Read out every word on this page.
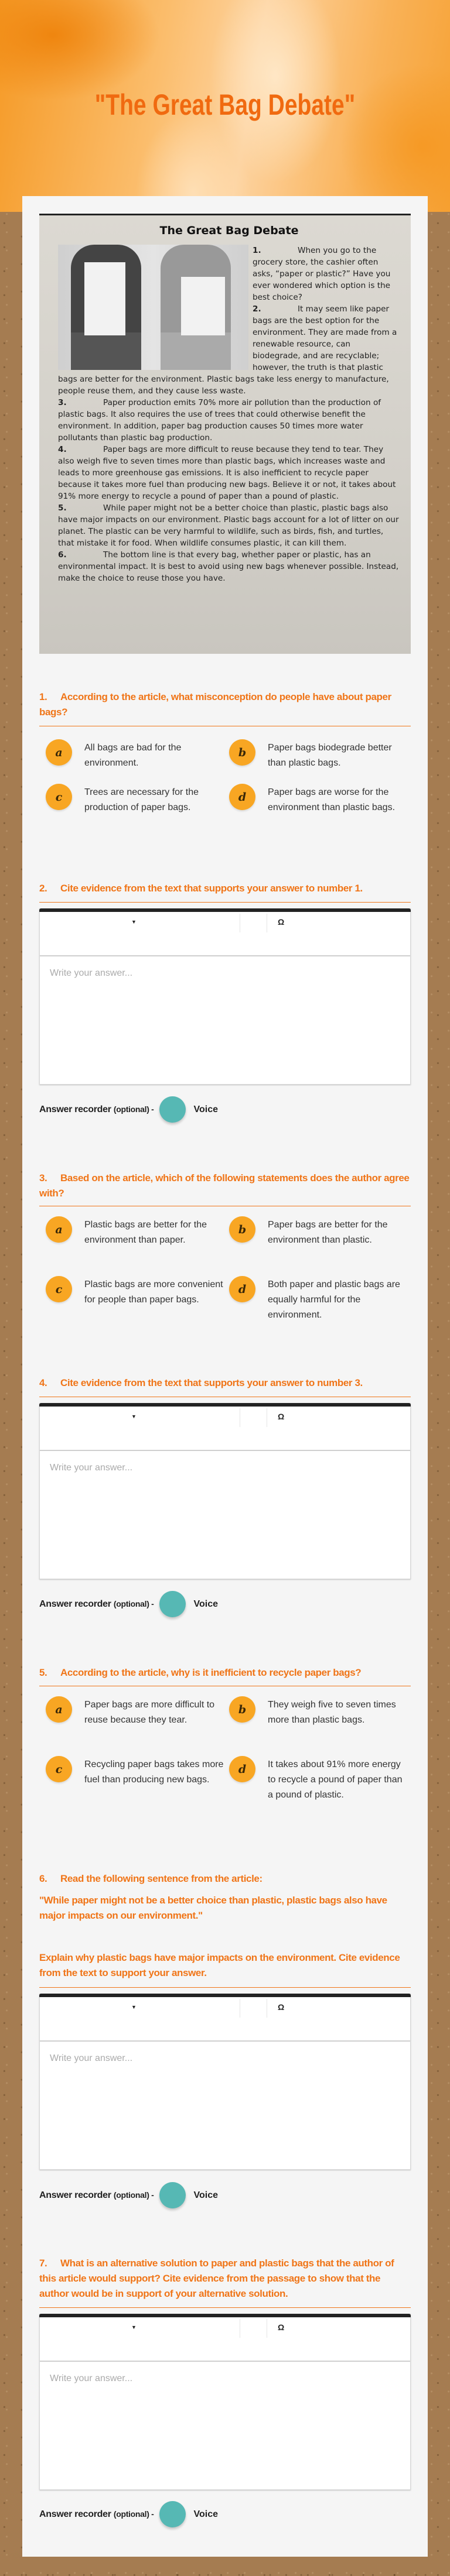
"The Great Bag Debate"
The Great Bag Debate

1.	When you go to the grocery store, the cashier often asks, “paper or plastic?” Have you ever wondered which option is the best choice?

2.	It may seem like paper bags are the best option for the environment. They are made from a renewable resource, can biodegrade, and are recyclable; however, the truth is that plastic bags are better for the environment. Plastic bags take less energy to manufacture, people reuse them, and they cause less waste.

3.	Paper production emits 70% more air pollution than the production of plastic bags. It also requires the use of trees that could otherwise benefit the environment. In addition, paper bag production causes 50 times more water pollutants than plastic bag production.

4.	Paper bags are more difficult to reuse because they tend to tear. They also weigh five to seven times more than plastic bags, which increases waste and leads to more greenhouse gas emissions. It is also inefficient to recycle paper because it takes more fuel than producing new bags. Believe it or not, it takes about 91% more energy to recycle a pound of paper than a pound of plastic.

5.	While paper might not be a better choice than plastic, plastic bags also have major impacts on our environment. Plastic bags account for a lot of litter on our planet. The plastic can be very harmful to wildlife, such as birds, fish, and turtles, that mistake it for food. When wildlife consumes plastic, it can kill them.

6.	The bottom line is that every bag, whether paper or plastic, has an environmental impact. It is best to avoid using new bags whenever possible. Instead, make the choice to reuse those you have.

1. According to the article, what misconception do people have about paper bags?
a	All bags are bad for the environment.
b	Paper bags biodegrade better than plastic bags.
c	Trees are necessary for the production of paper bags.
d	Paper bags are worse for the environment than plastic bags.
2. Cite evidence from the text that supports your answer to number 1.
▼	Ω
Write your answer...
Answer recorder (optional) -	Voice
3. Based on the article, which of the following statements does the author agree with?
a	Plastic bags are better for the environment than paper.
b	Paper bags are better for the environment than plastic.
c	Plastic bags are more convenient for people than paper bags.
d	Both paper and plastic bags are equally harmful for the environment.
4. Cite evidence from the text that supports your answer to number 3.
▼	Ω
Write your answer...
Answer recorder (optional) -	Voice
5. According to the article, why is it inefficient to recycle paper bags?
a	Paper bags are more difficult to reuse because they tear.
b	They weigh five to seven times more than plastic bags.
c	Recycling paper bags takes more fuel than producing new bags.
d	It takes about 91% more energy to recycle a pound of paper than a pound of plastic.
6. Read the following sentence from the article:
"While paper might not be a better choice than plastic, plastic bags also have major impacts on our environment."
Explain why plastic bags have major impacts on the environment. Cite evidence from the text to support your answer.
▼	Ω
Write your answer...
Answer recorder (optional) -	Voice
7. What is an alternative solution to paper and plastic bags that the author of this article would support? Cite evidence from the passage to show that the author would be in support of your alternative solution.
▼	Ω
Write your answer...
Answer recorder (optional) -	Voice
